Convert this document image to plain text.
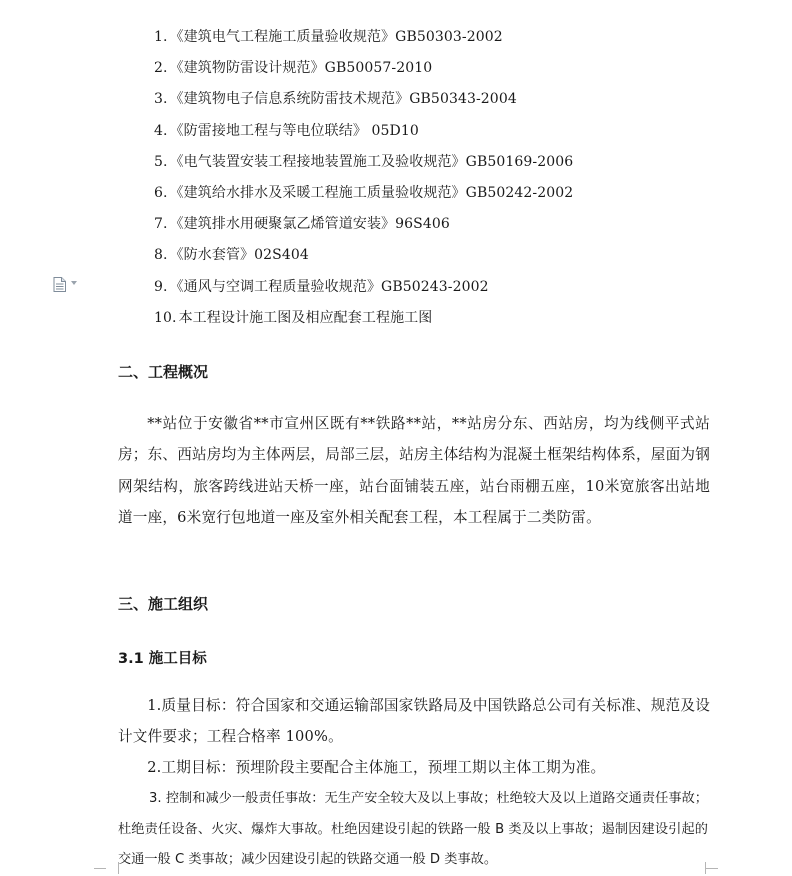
1. 《建筑电气工程施工质量验收规范》GB50303-2002
2. 《建筑物防雷设计规范》GB50057-2010
3. 《建筑物电子信息系统防雷技术规范》GB50343-2004
4. 《防雷接地工程与等电位联结》 05D10
5. 《电气装置安装工程接地装置施工及验收规范》GB50169-2006
6. 《建筑给水排水及采暖工程施工质量验收规范》GB50242-2002
7. 《建筑排水用硬聚氯乙烯管道安装》96S406
8. 《防水套管》02S404
9. 《通风与空调工程质量验收规范》GB50243-2002
10. 本工程设计施工图及相应配套工程施工图
二、工程概况

**站位于安徽省**市宣州区既有**铁路**站，**站房分东、西站房，均为线侧平式站房；东、西站房均为主体两层，局部三层，站房主体结构为混凝土框架结构体系，屋面为钢网架结构，旅客跨线进站天桥一座，站台面铺装五座，站台雨棚五座，10米宽旅客出站地道一座，6米宽行包地道一座及室外相关配套工程，本工程属于二类防雷。

三、施工组织
3.1 施工目标

1.质量目标：符合国家和交通运输部国家铁路局及中国铁路总公司有关标准、规范及设计文件要求；工程合格率 100%。

2.工期目标：预埋阶段主要配合主体施工，预埋工期以主体工期为准。

3. 控制和减少一般责任事故：无生产安全较大及以上事故；杜绝较大及以上道路交通责任事故；杜绝责任设备、火灾、爆炸大事故。杜绝因建设引起的铁路一般 B 类及以上事故；遏制因建设引起的交通一般 C 类事故；减少因建设引起的铁路交通一般 D 类事故。
